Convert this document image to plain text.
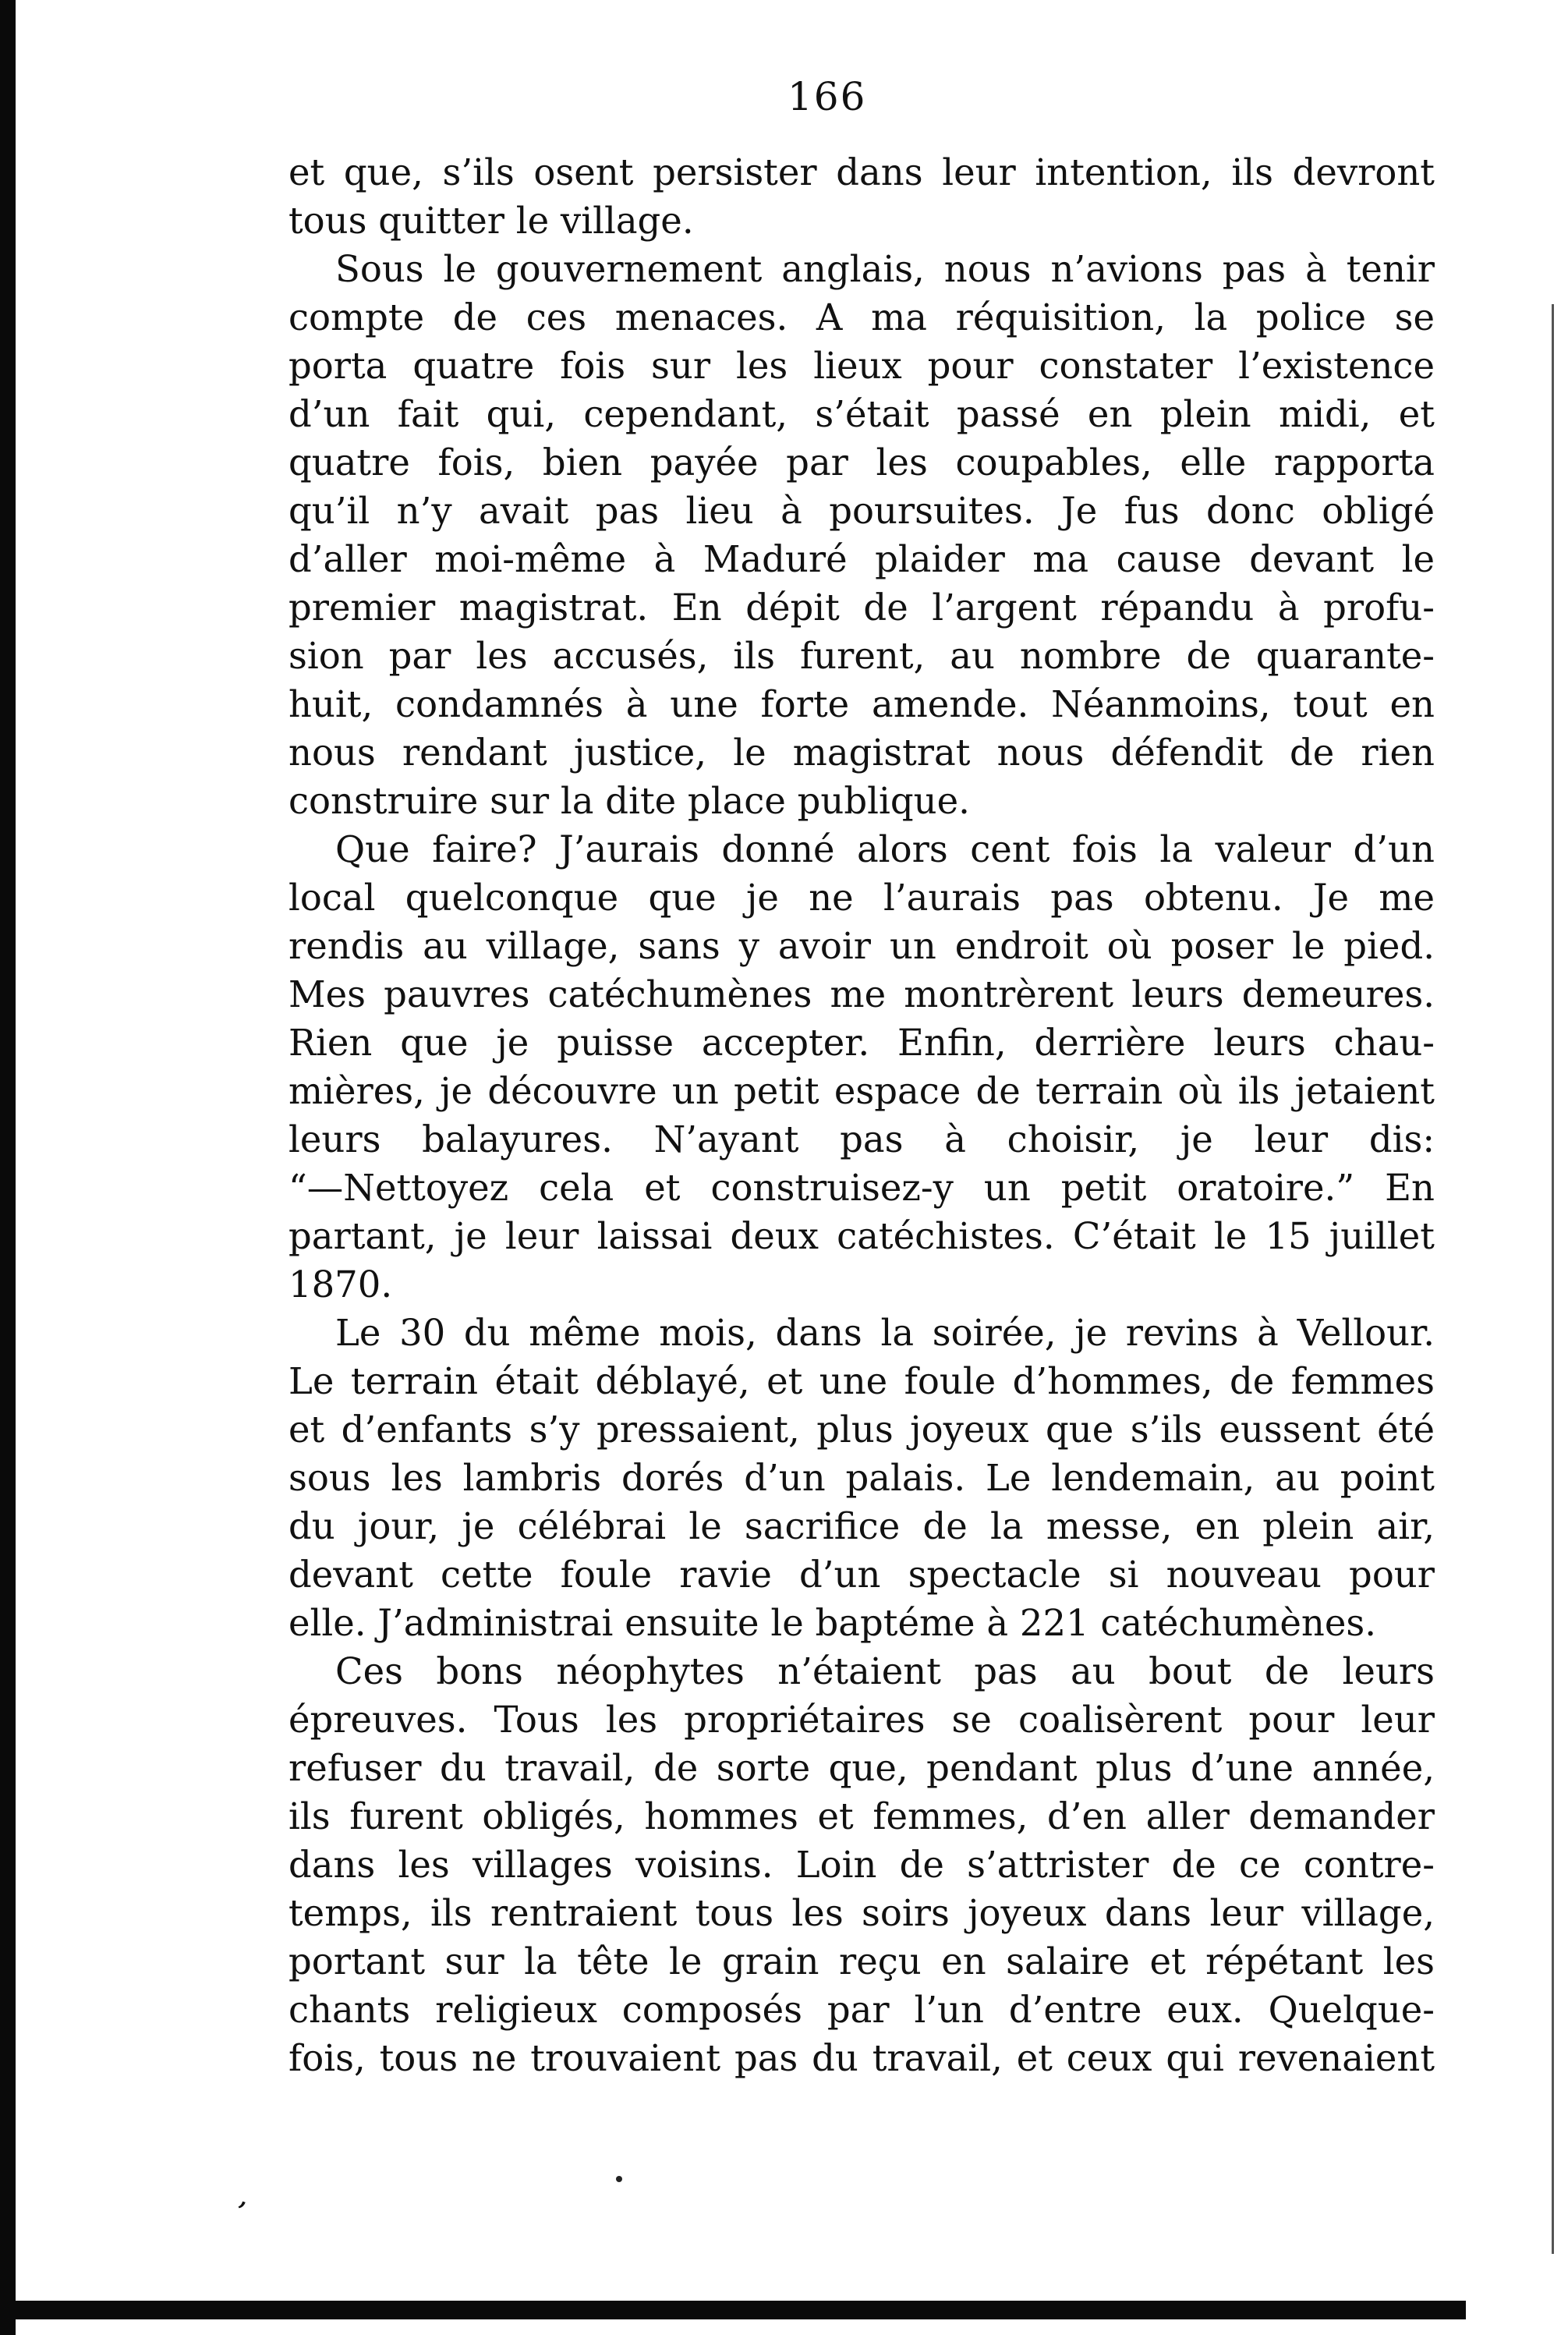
166
et que, s’ils osent persister dans leur intention, ils devront
tous quitter le village.
Sous le gouvernement anglais, nous n’avions pas à tenir
compte de ces menaces. A ma réquisition, la police se
porta quatre fois sur les lieux pour constater l’existence
d’un fait qui, cependant, s’était passé en plein midi, et
quatre fois, bien payée par les coupables, elle rapporta
qu’il n’y avait pas lieu à poursuites. Je fus donc obligé
d’aller moi-même à Maduré plaider ma cause devant le
premier magistrat. En dépit de l’argent répandu à profu-
sion par les accusés, ils furent, au nombre de quarante-
huit, condamnés à une forte amende. Néanmoins, tout en
nous rendant justice, le magistrat nous défendit de rien
construire sur la dite place publique.
Que faire? J’aurais donné alors cent fois la valeur d’un
local quelconque que je ne l’aurais pas obtenu. Je me
rendis au village, sans y avoir un endroit où poser le pied.
Mes pauvres catéchumènes me montrèrent leurs demeures.
Rien que je puisse accepter. Enfin, derrière leurs chau-
mières, je découvre un petit espace de terrain où ils jetaient
leurs balayures. N’ayant pas à choisir, je leur dis:
“—Nettoyez cela et construisez-y un petit oratoire.” En
partant, je leur laissai deux catéchistes. C’était le 15 juillet
1870.
Le 30 du même mois, dans la soirée, je revins à Vellour.
Le terrain était déblayé, et une foule d’hommes, de femmes
et d’enfants s’y pressaient, plus joyeux que s’ils eussent été
sous les lambris dorés d’un palais. Le lendemain, au point
du jour, je célébrai le sacrifice de la messe, en plein air,
devant cette foule ravie d’un spectacle si nouveau pour
elle. J’administrai ensuite le baptéme à 221 catéchumènes.
Ces bons néophytes n’étaient pas au bout de leurs
épreuves. Tous les propriétaires se coalisèrent pour leur
refuser du travail, de sorte que, pendant plus d’une année,
ils furent obligés, hommes et femmes, d’en aller demander
dans les villages voisins. Loin de s’attrister de ce contre-
temps, ils rentraient tous les soirs joyeux dans leur village,
portant sur la tête le grain reçu en salaire et répétant les
chants religieux composés par l’un d’entre eux. Quelque-
fois, tous ne trouvaient pas du travail, et ceux qui revenaient
’
